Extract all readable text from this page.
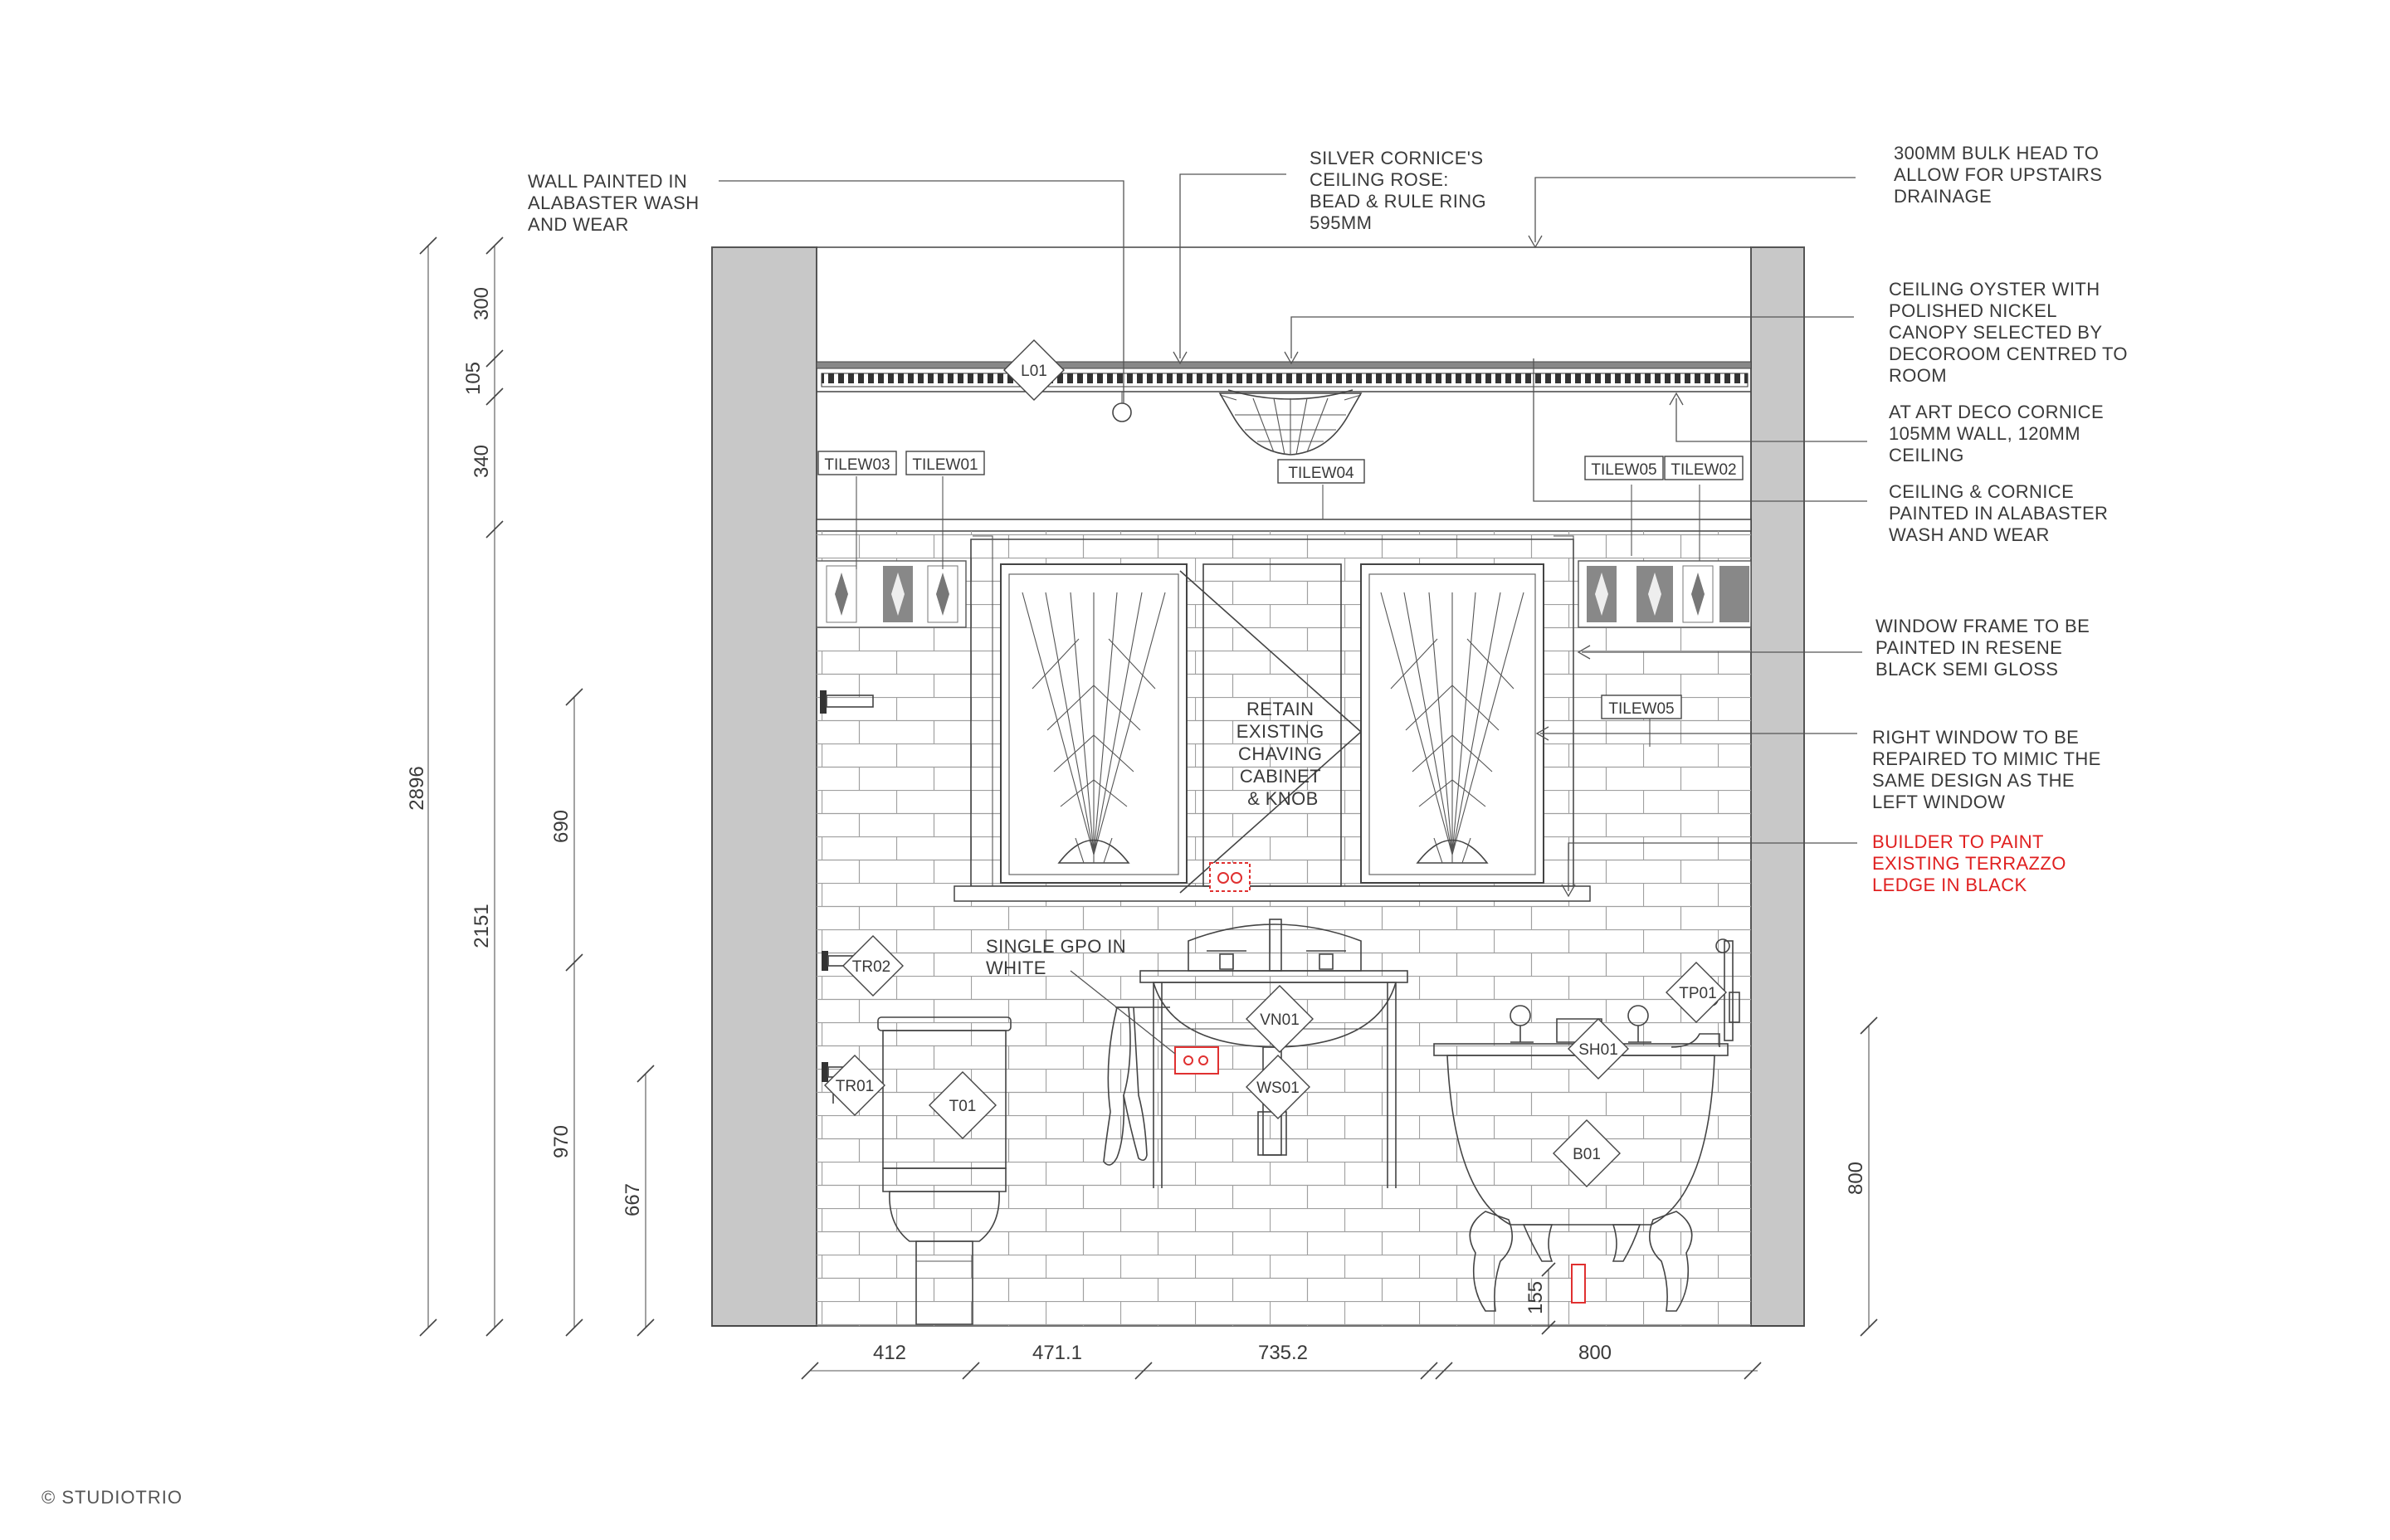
TILEW03 TILEW01	TILEW04	TILEW05 TILEW02
TILEW05
L01
TR02
TR01
T01
VN01
WS01
TP01
SH01
B01
WALL PAINTED IN ALABASTER WASH AND WEAR
SILVER CORNICE'S CEILING ROSE: BEAD & RULE RING 595MM
300MM BULK HEAD TO ALLOW FOR UPSTAIRS DRAINAGE
CEILING OYSTER WITH POLISHED NICKEL CANOPY SELECTED BY DECOROOM CENTRED TO ROOM
AT ART DECO CORNICE 105MM WALL, 120MM CEILING
CEILING & CORNICE PAINTED IN ALABASTER WASH AND WEAR
WINDOW FRAME TO BE PAINTED IN RESENE BLACK SEMI GLOSS
RIGHT WINDOW TO BE REPAIRED TO MIMIC THE SAME DESIGN AS THE LEFT WINDOW
BUILDER TO PAINT EXISTING TERRAZZO LEDGE IN BLACK
RETAIN EXISTING CHAVING CABINET & KNOB
SINGLE GPO IN WHITE
2896
300
105
340
2151
690
970
667
800
155
412	471.1	735.2	800
© STUDIOTRIO
